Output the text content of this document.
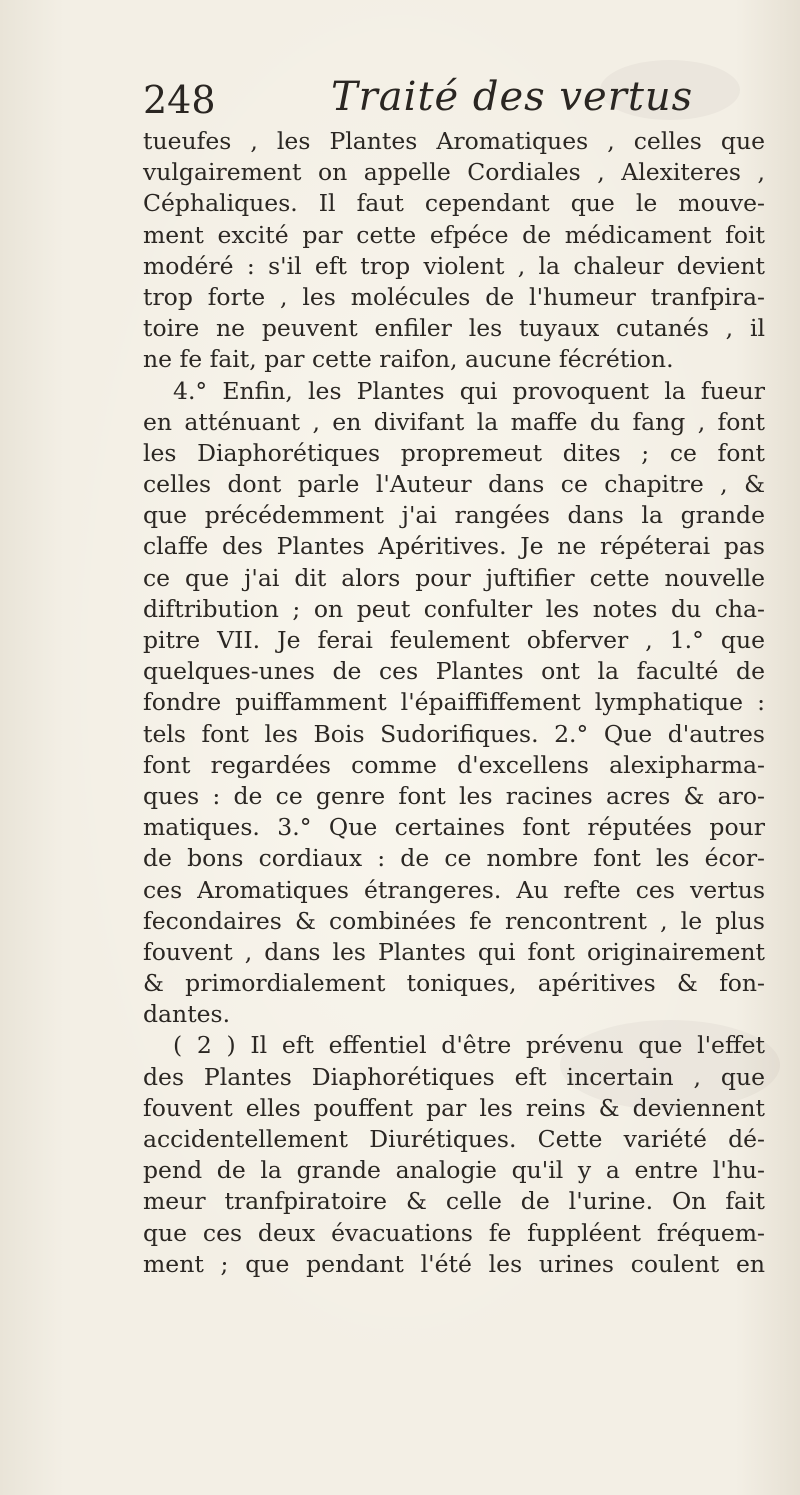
248	Traité des vertus
tueufes , les Plantes Aromatiques , celles que
vulgairement on appelle Cordiales , Alexiteres ,
Céphaliques. Il faut cependant que le mouve-
ment excité par cette efpéce de médicament foit
modéré : s'il eft trop violent , la chaleur devient
trop forte , les molécules de l'humeur tranfpira-
toire ne peuvent enfiler les tuyaux cutanés , il
ne fe fait, par cette raifon, aucune fécrétion.
4.° Enfin, les Plantes qui provoquent la fueur
en atténuant , en divifant la maffe du fang , font
les Diaphorétiques propremeut dites ; ce font
celles dont parle l'Auteur dans ce chapitre , &
que précédemment j'ai rangées dans la grande
claffe des Plantes Apéritives. Je ne répéterai pas
ce que j'ai dit alors pour juftifier cette nouvelle
diftribution ; on peut confulter les notes du cha-
pitre VII. Je ferai feulement obferver , 1.° que
quelques-unes de ces Plantes ont la faculté de
fondre puiffamment l'épaiffiffement lymphatique :
tels font les Bois Sudorifiques. 2.° Que d'autres
font regardées comme d'excellens alexipharma-
ques : de ce genre font les racines acres & aro-
matiques. 3.° Que certaines font réputées pour
de bons cordiaux : de ce nombre font les écor-
ces Aromatiques étrangeres. Au refte ces vertus
fecondaires & combinées fe rencontrent , le plus
fouvent , dans les Plantes qui font originairement
& primordialement toniques, apéritives & fon-
dantes.
( 2 ) Il eft effentiel d'être prévenu que l'effet
des Plantes Diaphorétiques eft incertain , que
fouvent elles pouffent par les reins & deviennent
accidentellement Diurétiques. Cette variété dé-
pend de la grande analogie qu'il y a entre l'hu-
meur tranfpiratoire & celle de l'urine. On fait
que ces deux évacuations fe fuppléent fréquem-
ment ; que pendant l'été les urines coulent en
